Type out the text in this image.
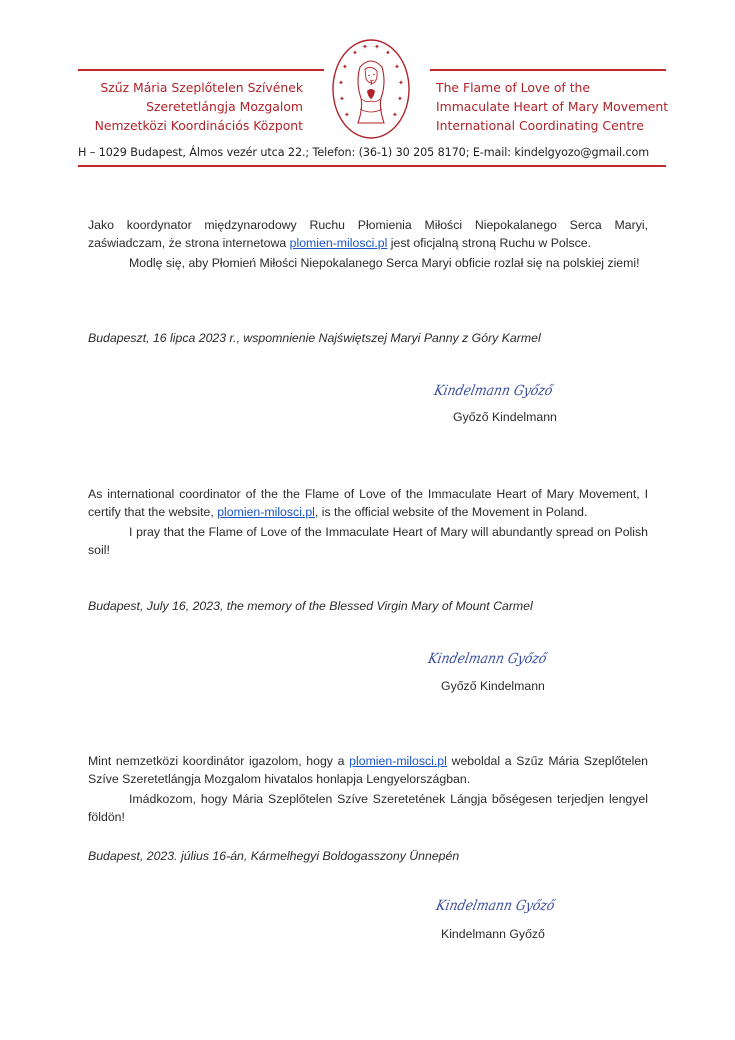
Szűz Mária Szeplőtelen Szívének
Szeretetlángja Mozgalom
Nemzetközi Koordinációs Központ
The Flame of Love of the
Immaculate Heart of Mary Movement
International Coordinating Centre
✦
✦ ✦
✦
✦	✦
✦	✦
✦	✦
✦	✦
H – 1029 Budapest, Álmos vezér utca 22.; Telefon: (36-1) 30 205 8170; E-mail: kindelgyozo@gmail.com

Jako koordynator międzynarodowy Ruchu Płomienia Miłości Niepokalanego Serca Maryi, zaświadczam, że strona internetowa plomien-milosci.pl jest oficjalną stroną Ruchu w Polsce.

Modlę się, aby Płomień Miłości Niepokalanego Serca Maryi obficie rozlał się na polskiej ziemi!

Budapeszt, 16 lipca 2023 r., wspomnienie Najświętszej Maryi Panny z Góry Karmel
Kindelmann Győző
Győző Kindelmann

As international coordinator of the the Flame of Love of the Immaculate Heart of Mary Movement, I certify that the website, plomien-milosci.pl, is the official website of the Movement in Poland.

I pray that the Flame of Love of the Immaculate Heart of Mary will abundantly spread on Polish soil!

Budapest, July 16, 2023, the memory of the Blessed Virgin Mary of Mount Carmel
Kindelmann Győző
Győző Kindelmann

Mint nemzetközi koordinátor igazolom, hogy a plomien-milosci.pl weboldal a Szűz Mária Szeplőtelen Szíve Szeretetlángja Mozgalom hivatalos honlapja Lengyelországban.

Imádkozom, hogy Mária Szeplőtelen Szíve Szeretetének Lángja bőségesen terjedjen lengyel földön!

Budapest, 2023. július 16-án, Kármelhegyi Boldogasszony Ünnepén
Kindelmann Győző
Kindelmann Győző
